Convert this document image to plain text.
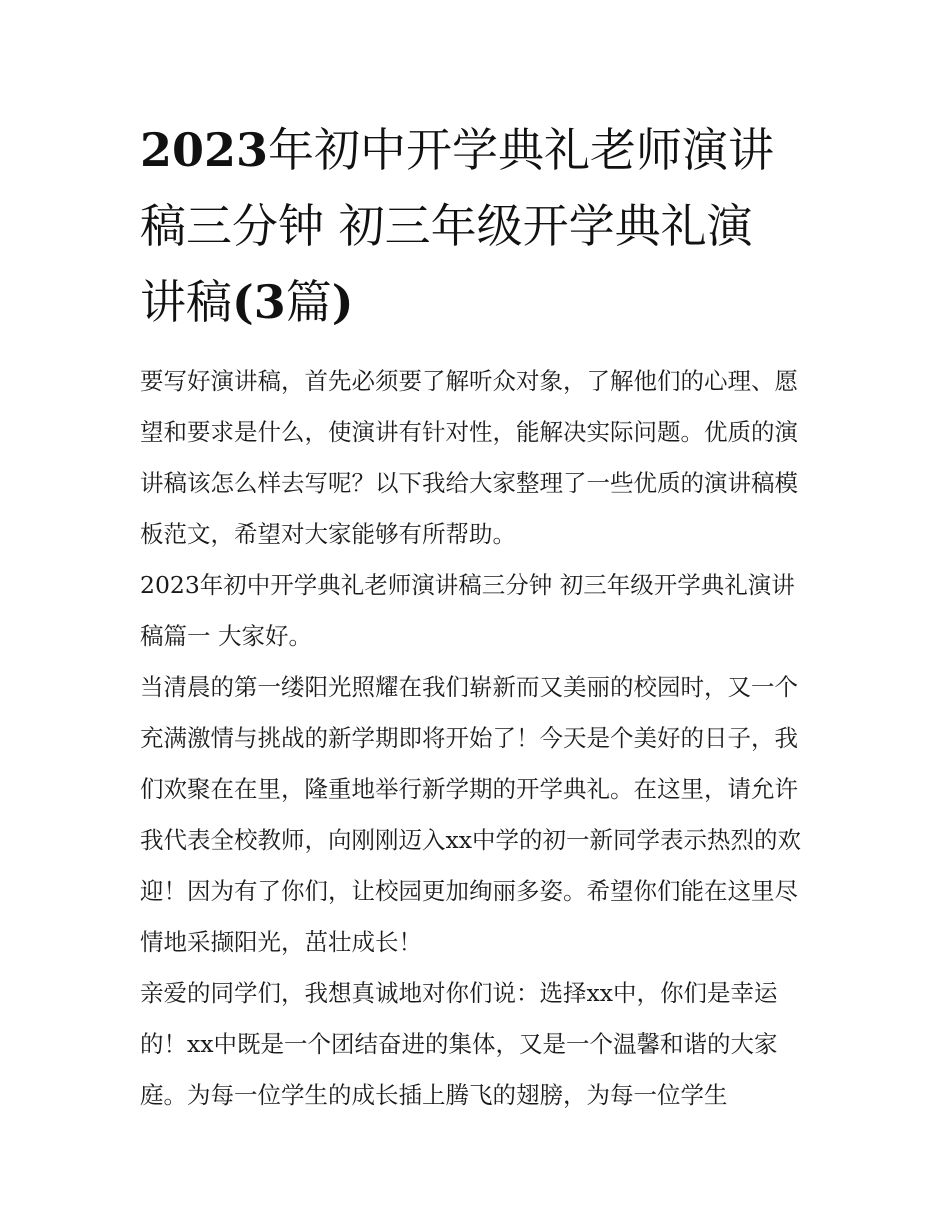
2023年初中开学典礼老师演讲
稿三分钟 初三年级开学典礼演
讲稿(3篇)

要写好演讲稿，首先必须要了解听众对象，了解他们的心理、愿望和要求是什么，使演讲有针对性，能解决实际问题。优质的演讲稿该怎么样去写呢？以下我给大家整理了一些优质的演讲稿模板范文，希望对大家能够有所帮助。

2023年初中开学典礼老师演讲稿三分钟 初三年级开学典礼演讲稿篇一 大家好。

当清晨的第一缕阳光照耀在我们崭新而又美丽的校园时，又一个充满激情与挑战的新学期即将开始了！今天是个美好的日子，我们欢聚在在里，隆重地举行新学期的开学典礼。在这里，请允许我代表全校教师，向刚刚迈入xx中学的初一新同学表示热烈的欢迎！因为有了你们，让校园更加绚丽多姿。希望你们能在这里尽情地采撷阳光，茁壮成长！

亲爱的同学们，我想真诚地对你们说：选择xx中，你们是幸运的！xx中既是一个团结奋进的集体，又是一个温馨和谐的大家庭。为每一位学生的成长插上腾飞的翅膀，为每一位学生
